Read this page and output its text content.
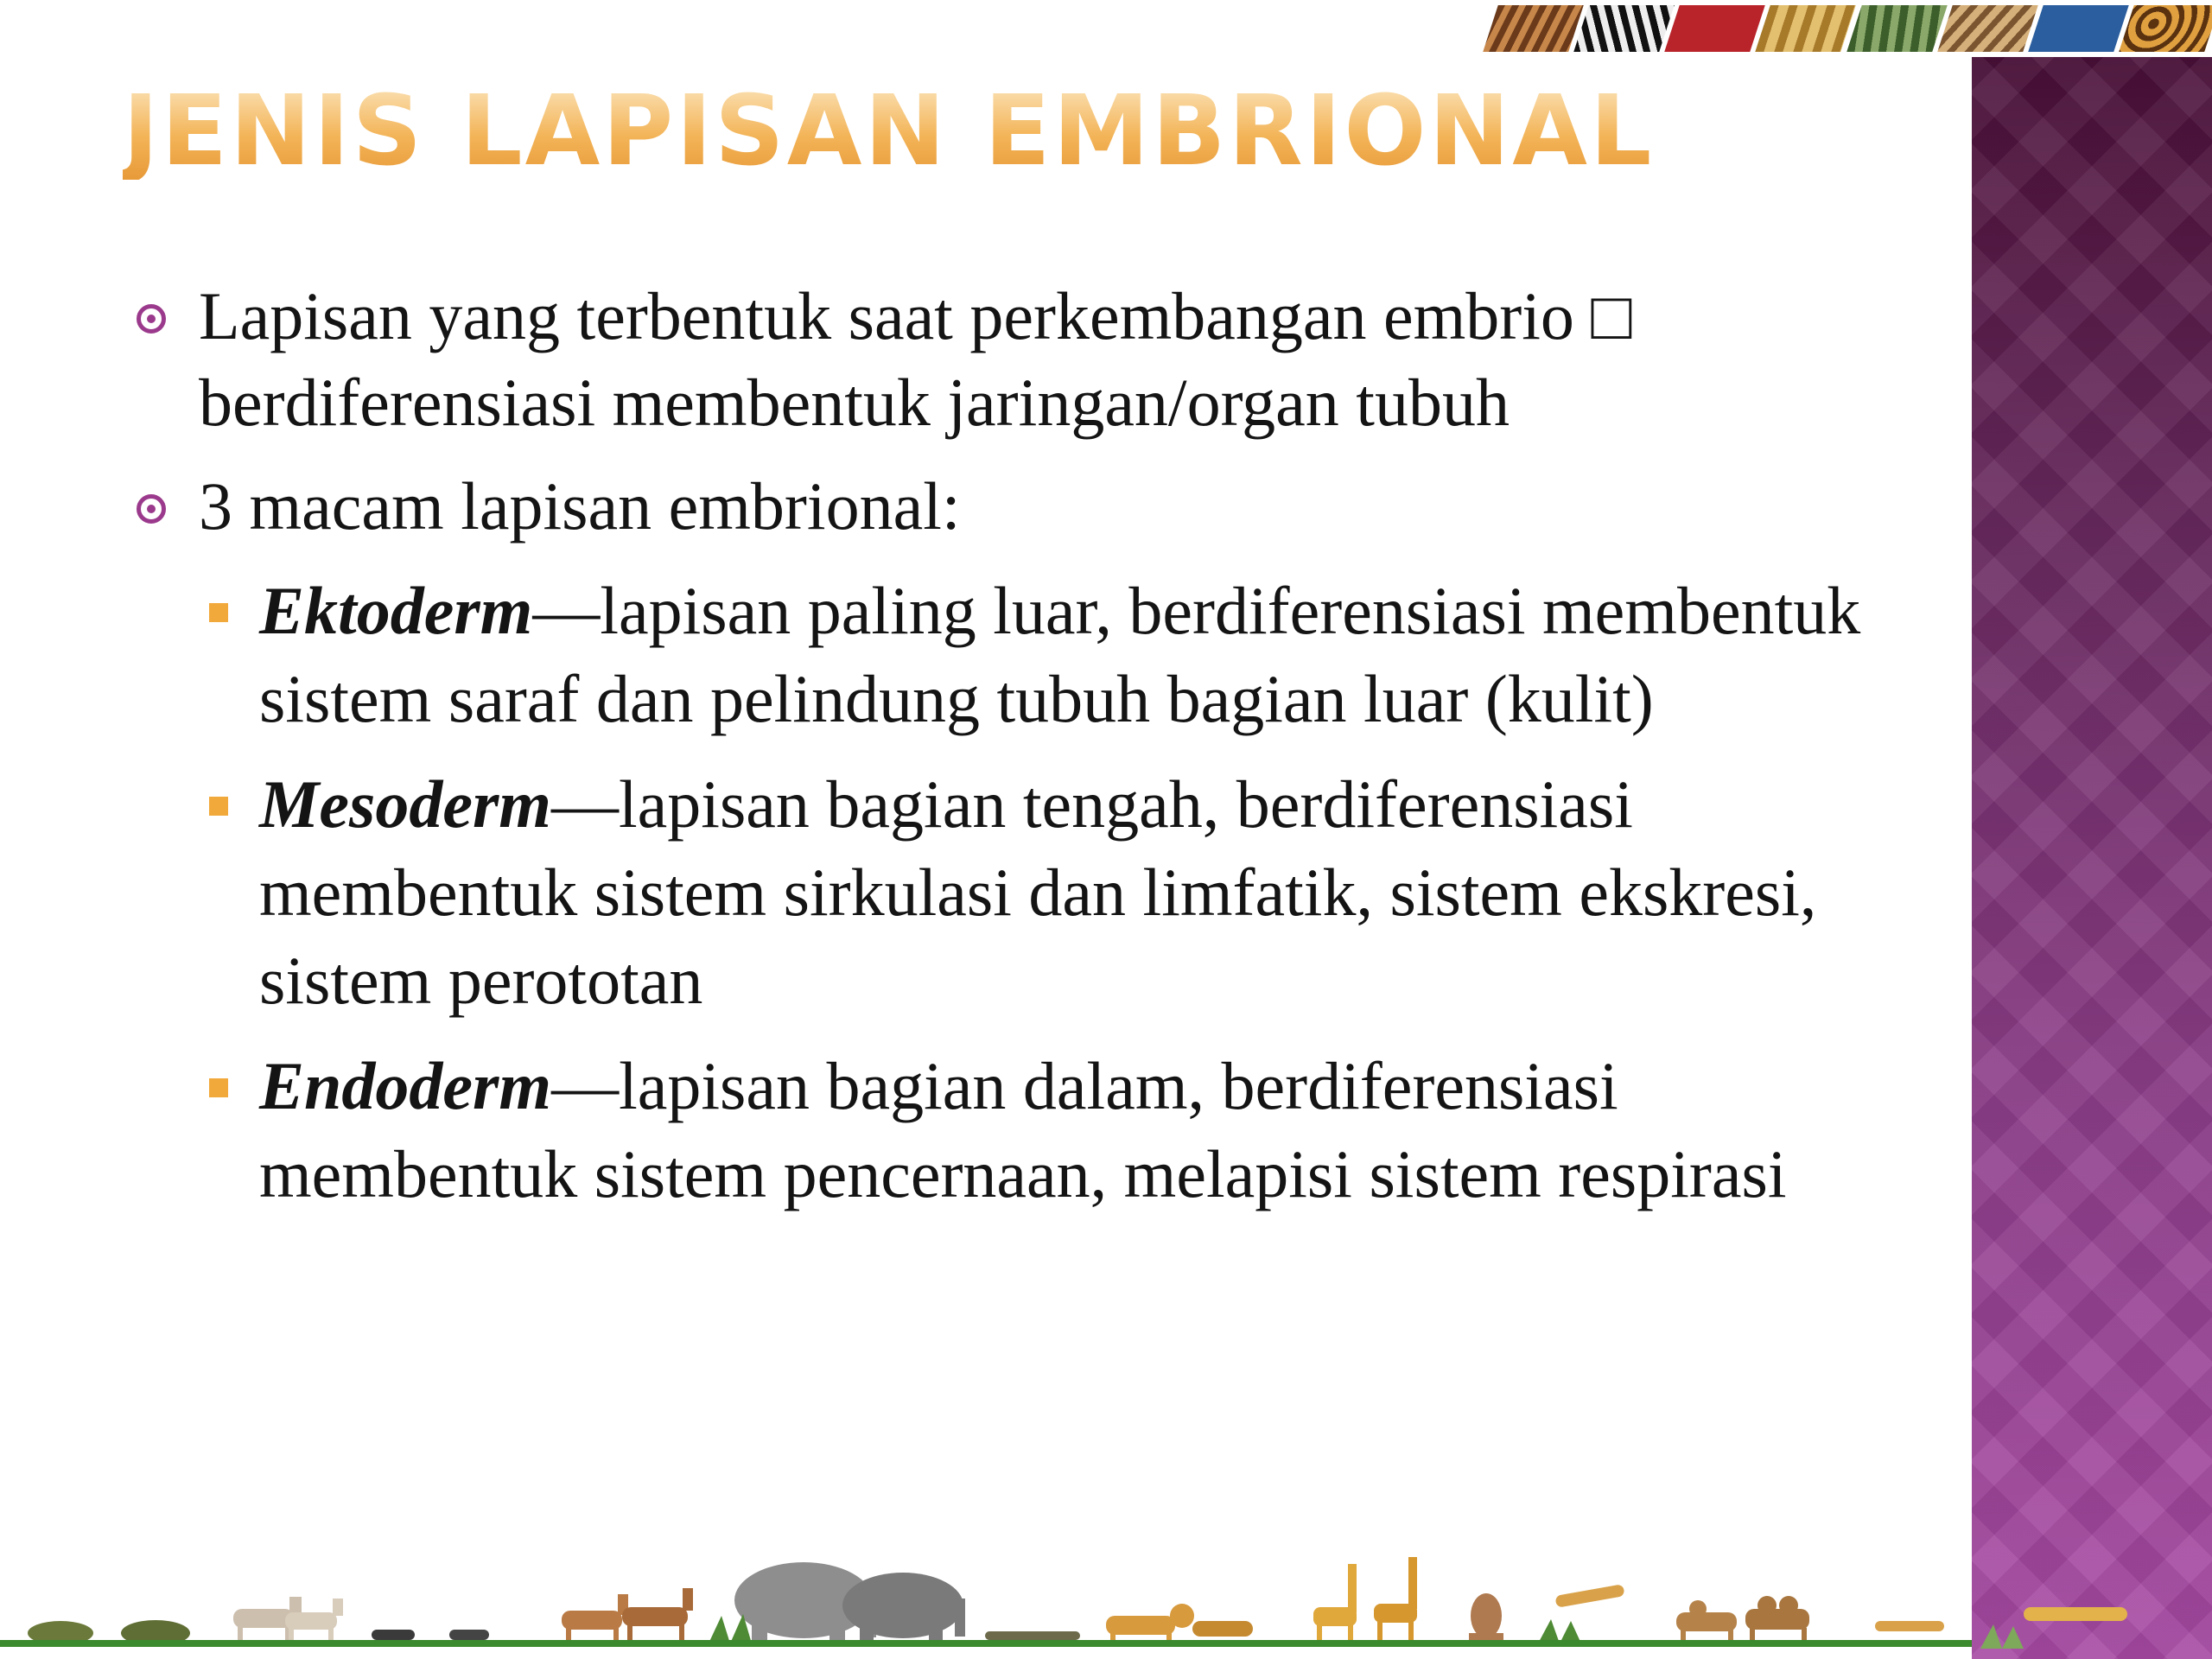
JENIS LAPISAN EMBRIONAL
Lapisan yang terbentuk saat perkembangan embrio □ berdiferensiasi membentuk jaringan/organ tubuh
3 macam lapisan embrional:
Ektoderm—lapisan paling luar, berdiferensiasi membentuk sistem saraf dan pelindung tubuh bagian luar (kulit)
Mesoderm—lapisan bagian tengah, berdiferensiasi membentuk sistem sirkulasi dan limfatik, sistem ekskresi, sistem perototan
Endoderm—lapisan bagian dalam, berdiferensiasi membentuk sistem pencernaan, melapisi sistem respirasi
